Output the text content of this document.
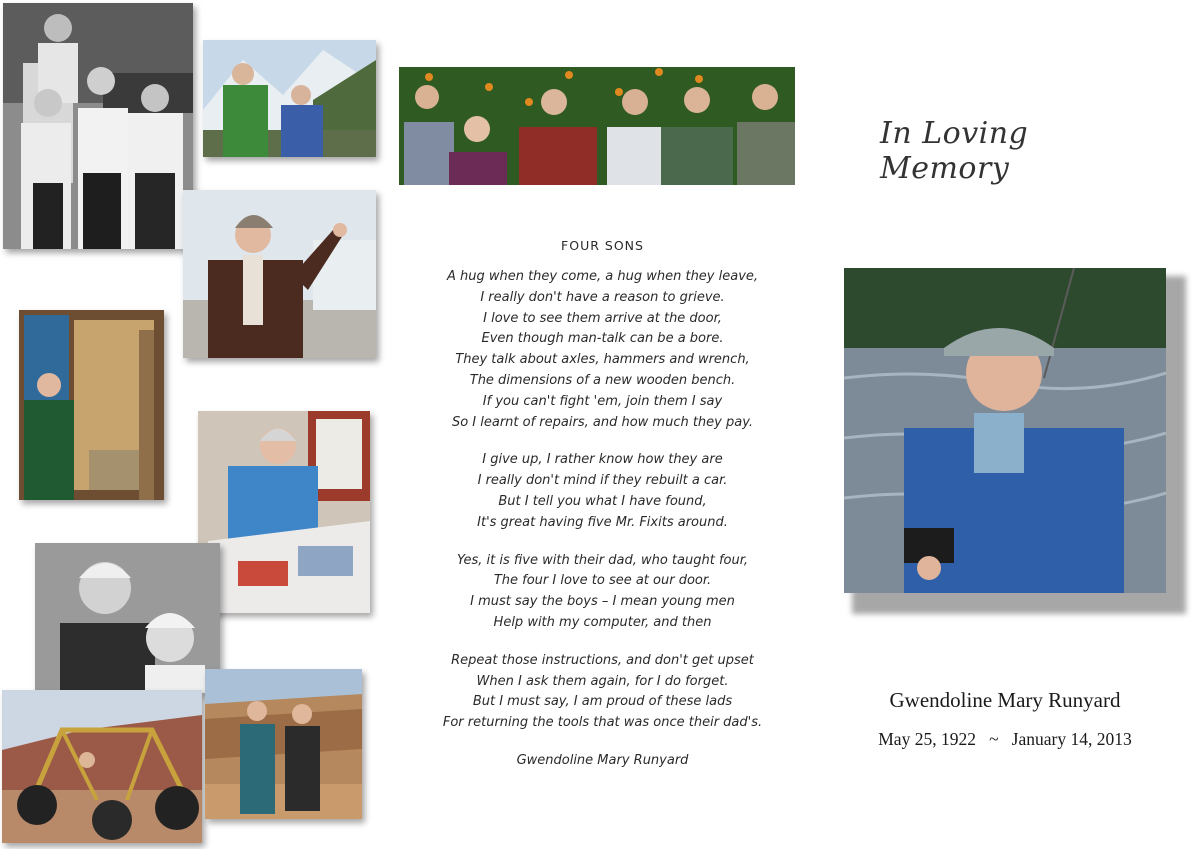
FOUR SONS
A hug when they come, a hug when they leave,
I really don't have a reason to grieve.
I love to see them arrive at the door,
Even though man-talk can be a bore.
They talk about axles, hammers and wrench,
The dimensions of a new wooden bench.
If you can't fight 'em, join them I say
So I learnt of repairs, and how much they pay.
I give up, I rather know how they are
I really don't mind if they rebuilt a car.
But I tell you what I have found,
It's great having five Mr. Fixits around.
Yes, it is five with their dad, who taught four,
The four I love to see at our door.
I must say the boys – I mean young men
Help with my computer, and then
Repeat those instructions, and don't get upset
When I ask them again, for I do forget.
But I must say, I am proud of these lads
For returning the tools that was once their dad's.
Gwendoline Mary Runyard
In Loving Memory
Gwendoline Mary Runyard
May 25, 1922   ~   January 14, 2013
